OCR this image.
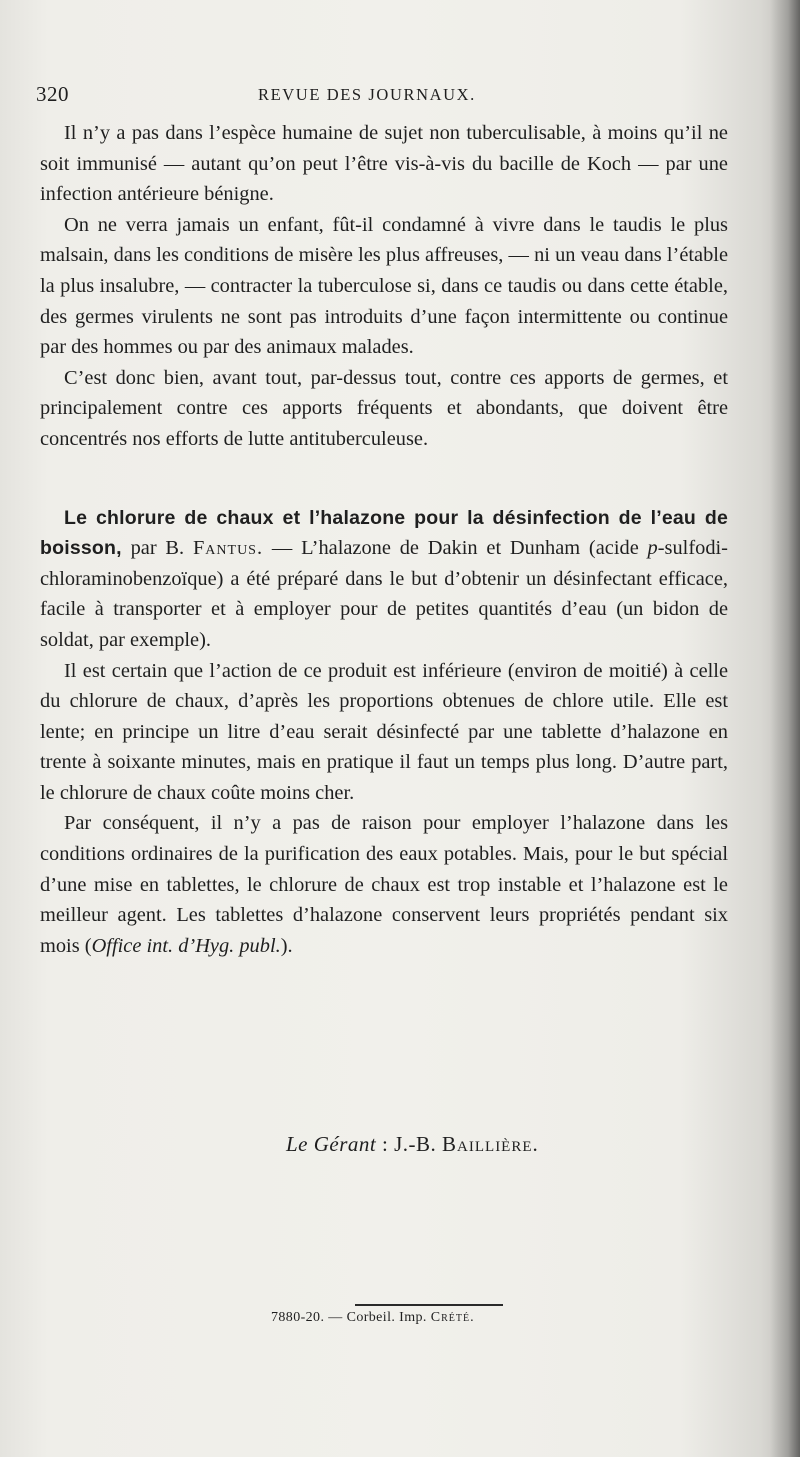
320	REVUE DES JOURNAUX.

Il n’y a pas dans l’espèce humaine de sujet non tuberculisable, à moins qu’il ne soit immunisé — autant qu’on peut l’être vis-à-vis du bacille de Koch — par une infection antérieure bénigne.

On ne verra jamais un enfant, fût-il condamné à vivre dans le taudis le plus malsain, dans les conditions de misère les plus affreuses, — ni un veau dans l’étable la plus insalubre, — contracter la tuberculose si, dans ce taudis ou dans cette étable, des germes virulents ne sont pas introduits d’une façon intermittente ou continue par des hommes ou par des animaux malades.

C’est donc bien, avant tout, par-dessus tout, contre ces apports de germes, et principalement contre ces apports fréquents et abondants, que doivent être concentrés nos efforts de lutte antituberculeuse.

Le chlorure de chaux et l’halazone pour la désinfection de l’eau de boisson, par B. Fantus. — L’halazone de Dakin et Dunham (acide p-sulfodi-chloraminobenzoïque) a été préparé dans le but d’obtenir un désinfectant efficace, facile à transporter et à employer pour de petites quantités d’eau (un bidon de soldat, par exemple).

Il est certain que l’action de ce produit est inférieure (environ de moitié) à celle du chlorure de chaux, d’après les proportions obtenues de chlore utile. Elle est lente; en principe un litre d’eau serait désinfecté par une tablette d’halazone en trente à soixante minutes, mais en pratique il faut un temps plus long. D’autre part, le chlorure de chaux coûte moins cher.

Par conséquent, il n’y a pas de raison pour employer l’halazone dans les conditions ordinaires de la purification des eaux potables. Mais, pour le but spécial d’une mise en tablettes, le chlorure de chaux est trop instable et l’halazone est le meilleur agent. Les tablettes d’halazone conservent leurs propriétés pendant six mois (Office int. d’Hyg. publ.).

Le Gérant : J.-B. Baillière.
7880-20. — Corbeil. Imp. Crété.
